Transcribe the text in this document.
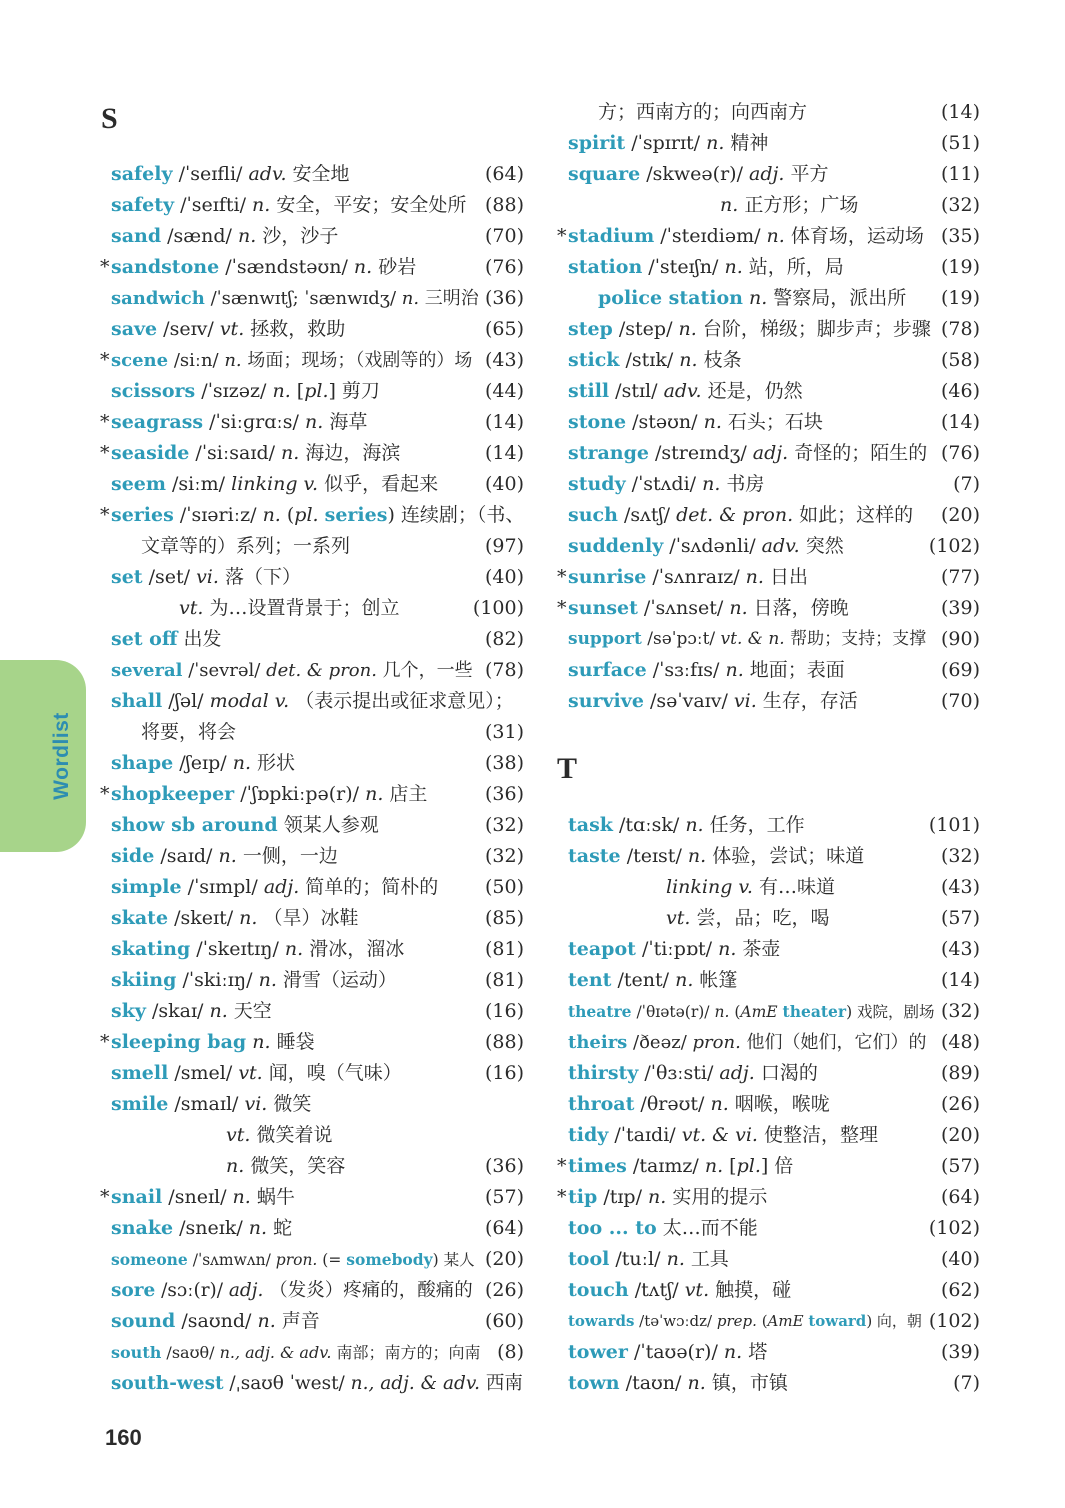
Wordlist
S
T
safely /ˈseɪfli/ adv. 安全地	(64)
safety /ˈseɪfti/ n. 安全，平安；安全处所 (88)
sand /sænd/ n. 沙，沙子	(70)
* sandstone /ˈsændstəʊn/ n. 砂岩	(76)
sandwich /ˈsænwɪtʃ; ˈsænwɪdʒ/ n. 三明治 (36)
save /seɪv/ vt. 拯救，救助	(65)
* scene /siːn/ n. 场面；现场；（戏剧等的）场 (43)
scissors /ˈsɪzəz/ n. [pl.] 剪刀	(44)
* seagrass /ˈsiːɡrɑːs/ n. 海草	(14)
* seaside /ˈsiːsaɪd/ n. 海边，海滨	(14)
seem /siːm/ linking v. 似乎，看起来 (40)
* series /ˈsɪəriːz/ n. (pl. series) 连续剧；（书、
文章等的）系列；一系列	(97)
set /set/ vi. 落（下）	(40)
vt. 为…设置背景于；创立	(100)
set off 出发	(82)
several /ˈsevrəl/ det. & pron. 几个，一些 (78)
shall /ʃəl/ modal v. （表示提出或征求意见）；
将要，将会	(31)
shape /ʃeɪp/ n. 形状	(38)
* shopkeeper /ˈʃɒpkiːpə(r)/ n. 店主	(36)
show sb around 领某人参观	(32)
side /saɪd/ n. 一侧，一边	(32)
simple /ˈsɪmpl/ adj. 简单的；简朴的 (50)
skate /skeɪt/ n. （旱）冰鞋	(85)
skating /ˈskeɪtɪŋ/ n. 滑冰，溜冰	(81)
skiing /ˈskiːɪŋ/ n. 滑雪（运动）	(81)
sky /skaɪ/ n. 天空	(16)
* sleeping bag n. 睡袋	(88)
smell /smel/ vt. 闻，嗅（气味）	(16)
smile /smaɪl/ vi. 微笑
vt. 微笑着说
n. 微笑，笑容	(36)
* snail /sneɪl/ n. 蜗牛	(57)
snake /sneɪk/ n. 蛇	(64)
someone /ˈsʌmwʌn/ pron. (= somebody) 某人 (20)
sore /sɔː(r)/ adj. （发炎）疼痛的，酸痛的 (26)
sound /saʊnd/ n. 声音	(60)
south /saʊθ/ n., adj. & adv. 南部；南方的；向南 (8)
south-west /ˌsaʊθ ˈwest/ n., adj. & adv. 西南
方；西南方的；向西南方	(14)
spirit /ˈspɪrɪt/ n. 精神	(51)
square /skweə(r)/ adj. 平方	(11)
n. 正方形；广场	(32)
* stadium /ˈsteɪdiəm/ n. 体育场，运动场 (35)
station /ˈsteɪʃn/ n. 站，所，局	(19)
police station n. 警察局，派出所 (19)
step /step/ n. 台阶，梯级；脚步声；步骤 (78)
stick /stɪk/ n. 枝条	(58)
still /stɪl/ adv. 还是，仍然	(46)
stone /stəʊn/ n. 石头；石块	(14)
strange /streɪndʒ/ adj. 奇怪的；陌生的 (76)
study /ˈstʌdi/ n. 书房	(7)
such /sʌtʃ/ det. & pron. 如此；这样的 (20)
suddenly /ˈsʌdənli/ adv. 突然	(102)
* sunrise /ˈsʌnraɪz/ n. 日出	(77)
* sunset /ˈsʌnset/ n. 日落，傍晚	(39)
support /səˈpɔːt/ vt. & n. 帮助；支持；支撑 (90)
surface /ˈsɜːfɪs/ n. 地面；表面	(69)
survive /səˈvaɪv/ vi. 生存，存活	(70)
task /tɑːsk/ n. 任务，工作	(101)
taste /teɪst/ n. 体验，尝试；味道	(32)
linking v. 有…味道	(43)
vt. 尝，品；吃，喝	(57)
teapot /ˈtiːpɒt/ n. 茶壶	(43)
tent /tent/ n. 帐篷	(14)
theatre /ˈθɪətə(r)/ n. (AmE theater) 戏院，剧场 (32)
theirs /ðeəz/ pron. 他们（她们，它们）的 (48)
thirsty /ˈθɜːsti/ adj. 口渴的	(89)
throat /θrəʊt/ n. 咽喉，喉咙	(26)
tidy /ˈtaɪdi/ vt. & vi. 使整洁，整理	(20)
* times /taɪmz/ n. [pl.] 倍	(57)
* tip /tɪp/ n. 实用的提示	(64)
too ... to 太…而不能	(102)
tool /tuːl/ n. 工具	(40)
touch /tʌtʃ/ vt. 触摸，碰	(62)
towards /təˈwɔːdz/ prep. (AmE toward) 向，朝 (102)
tower /ˈtaʊə(r)/ n. 塔	(39)
town /taʊn/ n. 镇，市镇	(7)
160
